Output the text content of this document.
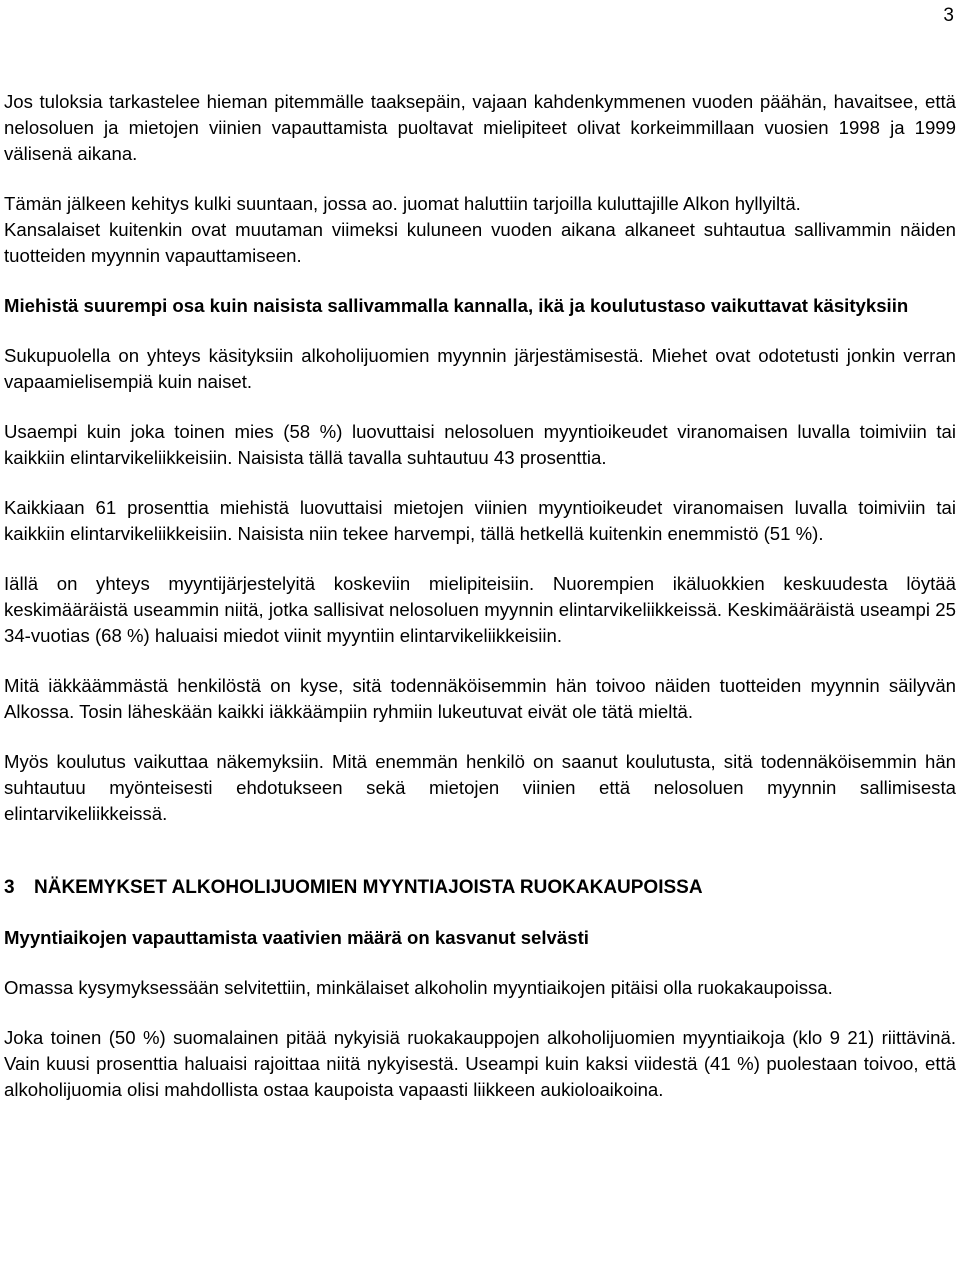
3

Jos tuloksia tarkastelee hieman pitemmälle taaksepäin, vajaan kahdenkymmenen vuoden päähän, havaitsee, että nelosoluen ja mietojen viinien vapauttamista puoltavat mielipiteet olivat korkeimmillaan vuosien 1998 ja 1999 välisenä aikana.

Tämän jälkeen kehitys kulki suuntaan, jossa ao. juomat haluttiin tarjoilla kuluttajille Alkon hyllyiltä.

Kansalaiset kuitenkin ovat muutaman viimeksi kuluneen vuoden aikana alkaneet suhtautua sallivammin näiden tuotteiden myynnin vapauttamiseen.

Miehistä suurempi osa kuin naisista sallivammalla kannalla, ikä ja koulutustaso vaikuttavat käsityksiin

Sukupuolella on yhteys käsityksiin alkoholijuomien myynnin järjestämisestä. Miehet ovat odotetusti jonkin verran vapaamielisempiä kuin naiset.

Usaempi kuin joka toinen mies (58 %) luovuttaisi nelosoluen myyntioikeudet viranomaisen luvalla toimiviin tai kaikkiin elintarvikeliikkeisiin. Naisista tällä tavalla suhtautuu 43 prosenttia.

Kaikkiaan 61 prosenttia miehistä luovuttaisi mietojen viinien myyntioikeudet viranomaisen luvalla toimiviin tai kaikkiin elintarvikeliikkeisiin. Naisista niin tekee harvempi, tällä hetkellä kuitenkin enemmistö (51 %).

Iällä on yhteys myyntijärjestelyitä koskeviin mielipiteisiin. Nuorempien ikäluokkien keskuudesta löytää keskimääräistä useammin niitä, jotka sallisivat nelosoluen myynnin elintarvikeliikkeissä. Keskimääräistä useampi 25 34-vuotias (68 %) haluaisi miedot viinit myyntiin elintarvikeliikkeisiin.

Mitä iäkkäämmästä henkilöstä on kyse, sitä todennäköisemmin hän toivoo näiden tuotteiden myynnin säilyvän Alkossa. Tosin läheskään kaikki iäkkäämpiin ryhmiin lukeutuvat eivät ole tätä mieltä.

Myös koulutus vaikuttaa näkemyksiin. Mitä enemmän henkilö on saanut koulutusta, sitä todennäköisemmin hän suhtautuu myönteisesti ehdotukseen sekä mietojen viinien että nelosoluen myynnin sallimisesta elintarvikeliikkeissä.

3 NÄKEMYKSET ALKOHOLIJUOMIEN MYYNTIAJOISTA RUOKAKAUPOISSA

Myyntiaikojen vapauttamista vaativien määrä on kasvanut selvästi

Omassa kysymyksessään selvitettiin, minkälaiset alkoholin myyntiaikojen pitäisi olla ruokakaupoissa.

Joka toinen (50 %) suomalainen pitää nykyisiä ruokakauppojen alkoholijuomien myyntiaikoja (klo 9 21) riittävinä. Vain kuusi prosenttia haluaisi rajoittaa niitä nykyisestä. Useampi kuin kaksi viidestä (41 %) puolestaan toivoo, että alkoholijuomia olisi mahdollista ostaa kaupoista vapaasti liikkeen aukioloaikoina.
